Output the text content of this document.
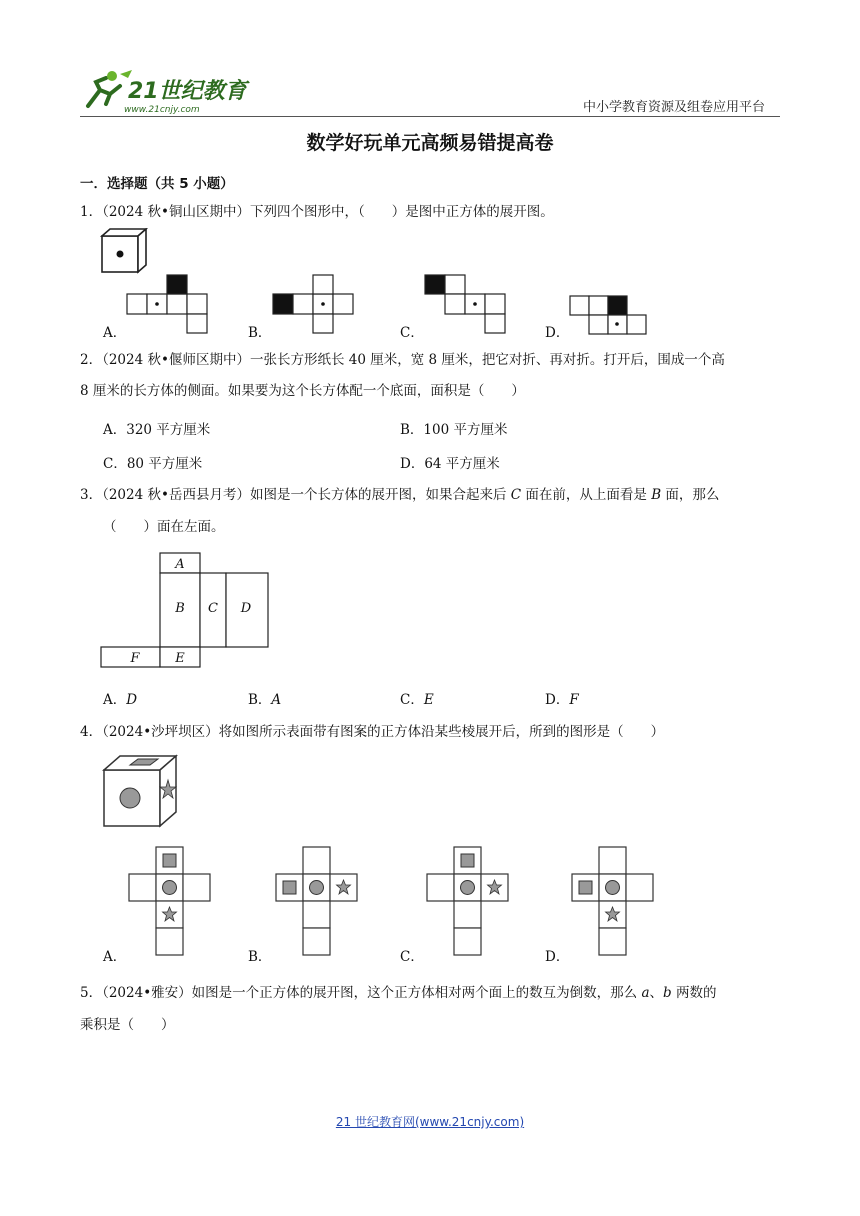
21世纪教育
www.21cnjy.com	中小学教育资源及组卷应用平台
数学好玩单元高频易错提高卷
一．选择题（共 5 小题）
1．（2024 秋•铜山区期中）下列四个图形中，（　　）是图中正方体的展开图。
A．	B．	C．	D．
2．（2024 秋•偃师区期中）一张长方形纸长 40 厘米，宽 8 厘米，把它对折、再对折。打开后，围成一个高
8 厘米的长方体的侧面。如果要为这个长方体配一个底面，面积是（　　）
A．320 平方厘米	B．100 平方厘米
C．80 平方厘米	D．64 平方厘米
3．（2024 秋•岳西县月考）如图是一个长方体的展开图，如果合起来后 C 面在前，从上面看是 B 面，那么
（　　）面在左面。
A
B C D
F	E
A．D	B．A	C．E	D．F
4．（2024•沙坪坝区）将如图所示表面带有图案的正方体沿某些棱展开后，所到的图形是（　　）
A．	B．	C．	D．
5．（2024•雅安）如图是一个正方体的展开图，这个正方体相对两个面上的数互为倒数，那么 a、b 两数的
乘积是（　　）
21 世纪教育网(www.21cnjy.com)
